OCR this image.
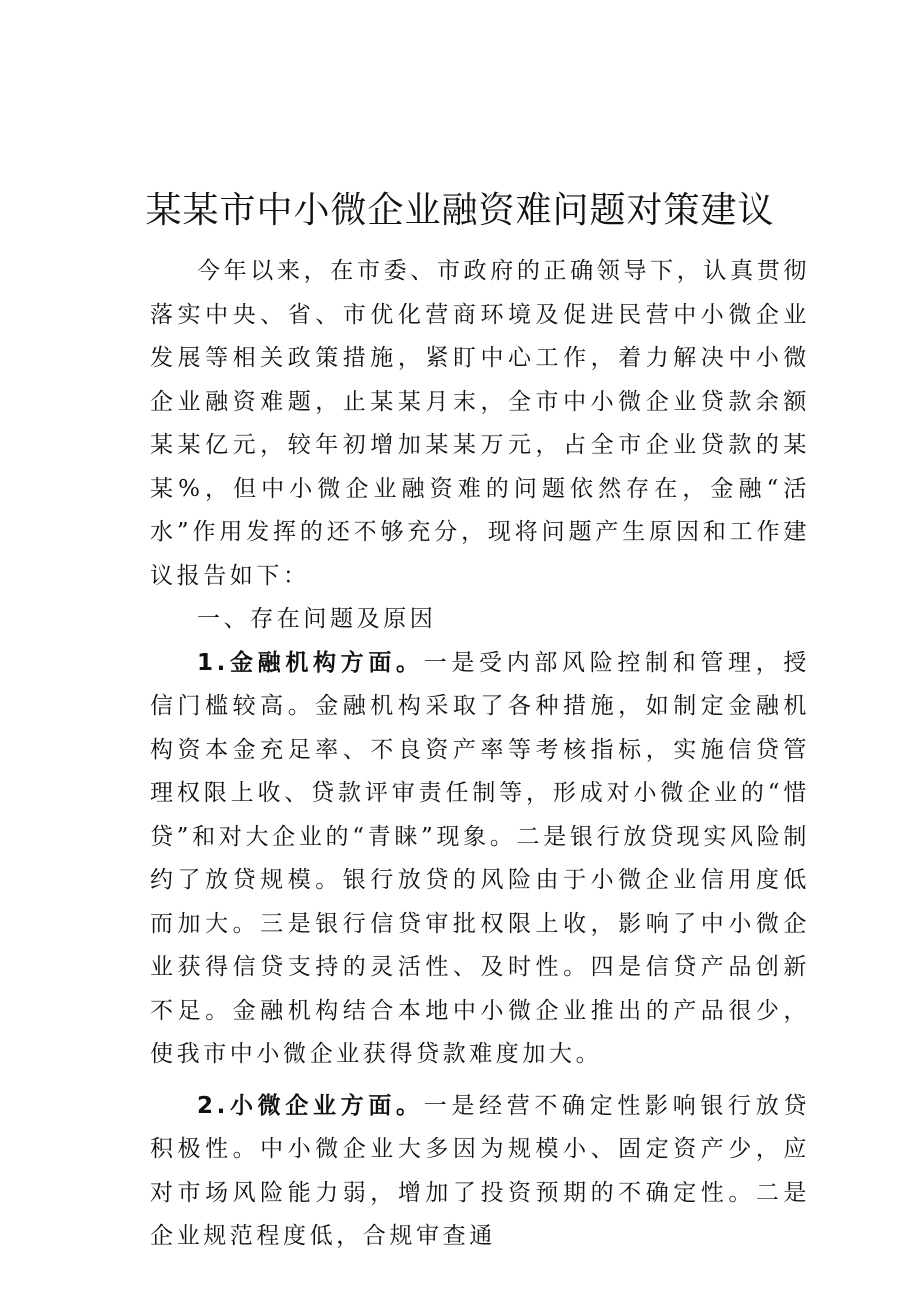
某某市中小微企业融资难问题对策建议

今年以来，在市委、市政府的正确领导下，认真贯彻落实中央、省、市优化营商环境及促进民营中小微企业发展等相关政策措施，紧盯中心工作，着力解决中小微企业融资难题，止某某月末，全市中小微企业贷款余额某某亿元，较年初增加某某万元，占全市企业贷款的某某%，但中小微企业融资难的问题依然存在，金融“活水”作用发挥的还不够充分，现将问题产生原因和工作建议报告如下：

一、存在问题及原因

1.金融机构方面。一是受内部风险控制和管理，授信门槛较高。金融机构采取了各种措施，如制定金融机构资本金充足率、不良资产率等考核指标，实施信贷管理权限上收、贷款评审责任制等，形成对小微企业的“惜贷”和对大企业的“青睐”现象。二是银行放贷现实风险制约了放贷规模。银行放贷的风险由于小微企业信用度低而加大。三是银行信贷审批权限上收，影响了中小微企业获得信贷支持的灵活性、及时性。四是信贷产品创新不足。金融机构结合本地中小微企业推出的产品很少，使我市中小微企业获得贷款难度加大。

2.小微企业方面。一是经营不确定性影响银行放贷积极性。中小微企业大多因为规模小、固定资产少，应对市场风险能力弱，增加了投资预期的不确定性。二是企业规范程度低，合规审查通
